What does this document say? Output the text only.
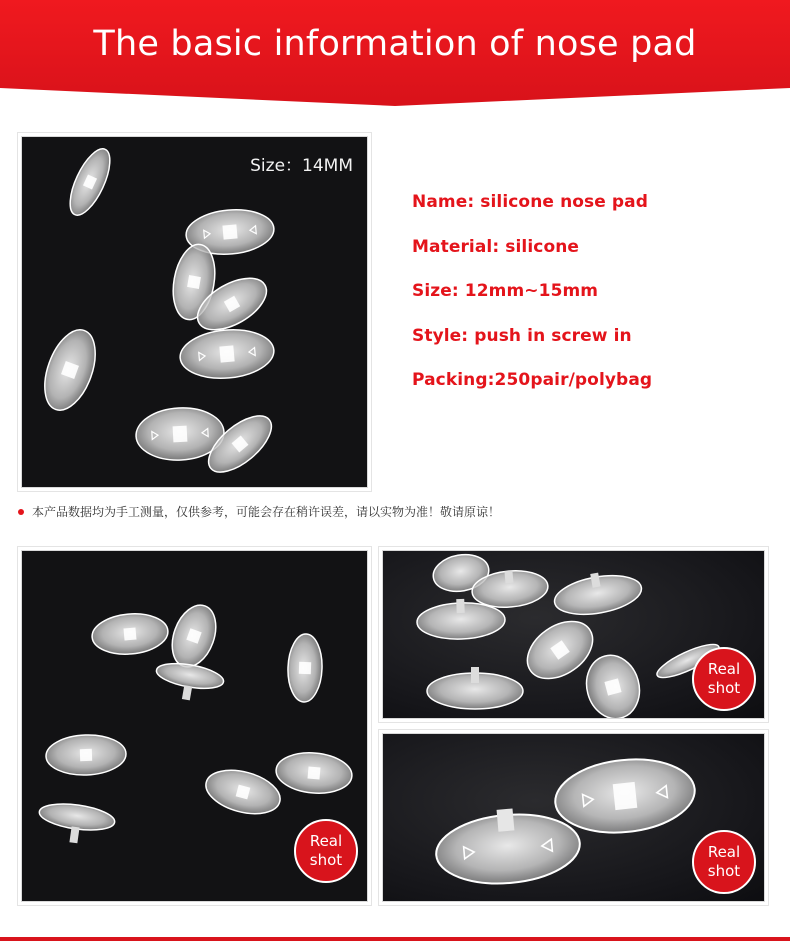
The basic information of nose pad
Size：14MM
Name: silicone nose pad
Material: silicone
Size: 12mm~15mm
Style: push in screw in
Packing:250pair/polybag
本产品数据均为手工测量，仅供参考，可能会存在稍许误差，请以实物为准！敬请原谅！
Real
shot
Real
shot
Real
shot
